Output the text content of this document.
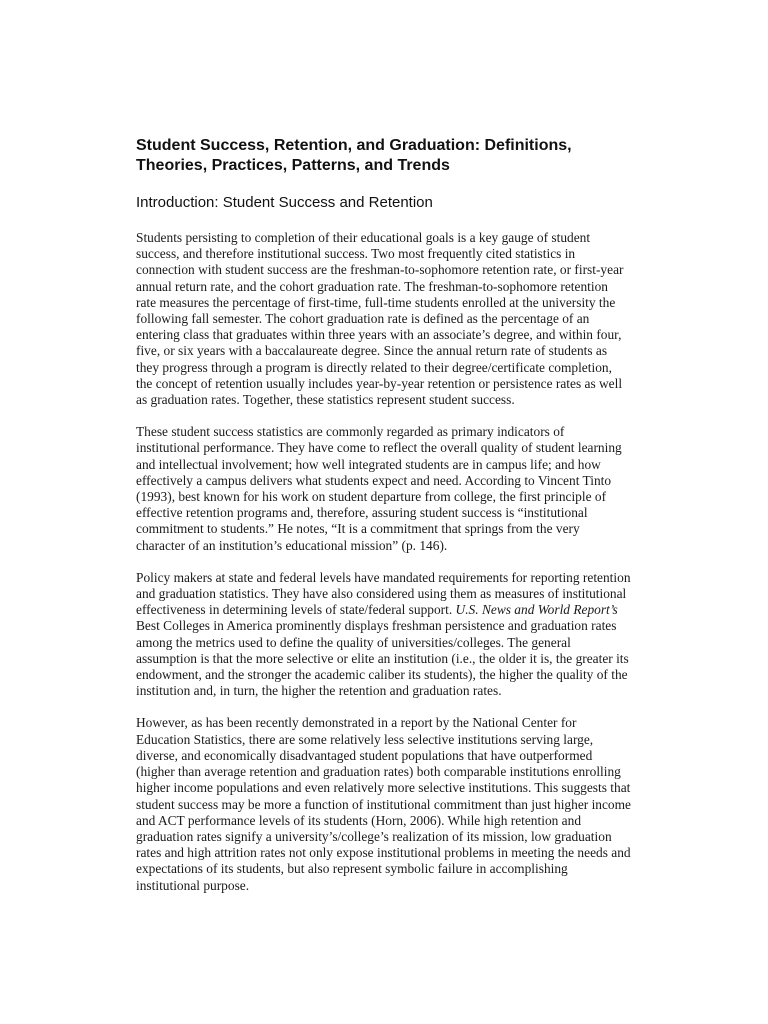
Student Success, Retention, and Graduation: Definitions,
Theories, Practices, Patterns, and Trends
Introduction: Student Success and Retention

Students persisting to completion of their educational goals is a key gauge of student
success, and therefore institutional success. Two most frequently cited statistics in
connection with student success are the freshman-to-sophomore retention rate, or first-year
annual return rate, and the cohort graduation rate. The freshman-to-sophomore retention
rate measures the percentage of first-time, full-time students enrolled at the university the
following fall semester. The cohort graduation rate is defined as the percentage of an
entering class that graduates within three years with an associate’s degree, and within four,
five, or six years with a baccalaureate degree. Since the annual return rate of students as
they progress through a program is directly related to their degree/certificate completion,
the concept of retention usually includes year-by-year retention or persistence rates as well
as graduation rates. Together, these statistics represent student success.

These student success statistics are commonly regarded as primary indicators of
institutional performance. They have come to reflect the overall quality of student learning
and intellectual involvement; how well integrated students are in campus life; and how
effectively a campus delivers what students expect and need. According to Vincent Tinto
(1993), best known for his work on student departure from college, the first principle of
effective retention programs and, therefore, assuring student success is “institutional
commitment to students.” He notes, “It is a commitment that springs from the very
character of an institution’s educational mission” (p. 146).

Policy makers at state and federal levels have mandated requirements for reporting retention
and graduation statistics. They have also considered using them as measures of institutional
effectiveness in determining levels of state/federal support. U.S. News and World Report’s
Best Colleges in America prominently displays freshman persistence and graduation rates
among the metrics used to define the quality of universities/colleges. The general
assumption is that the more selective or elite an institution (i.e., the older it is, the greater its
endowment, and the stronger the academic caliber its students), the higher the quality of the
institution and, in turn, the higher the retention and graduation rates.

However, as has been recently demonstrated in a report by the National Center for
Education Statistics, there are some relatively less selective institutions serving large,
diverse, and economically disadvantaged student populations that have outperformed
(higher than average retention and graduation rates) both comparable institutions enrolling
higher income populations and even relatively more selective institutions. This suggests that
student success may be more a function of institutional commitment than just higher income
and ACT performance levels of its students (Horn, 2006). While high retention and
graduation rates signify a university’s/college’s realization of its mission, low graduation
rates and high attrition rates not only expose institutional problems in meeting the needs and
expectations of its students, but also represent symbolic failure in accomplishing
institutional purpose.
